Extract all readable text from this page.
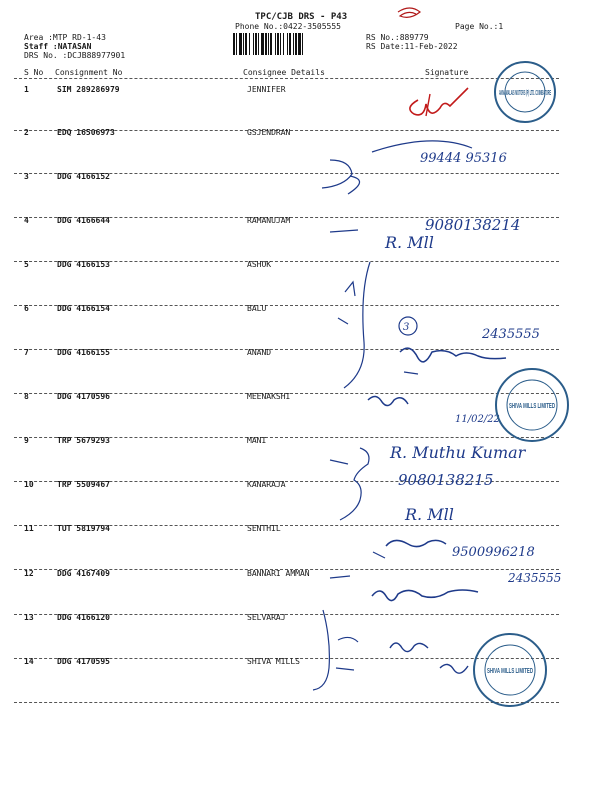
TPC/CJB DRS - P43
Phone No.:0422-3505555	Page No.:1
Area :MTP RD-1-43
Staff :NATASAN
DRS No. :DCJB88977901
RS No.:889779
RS Date:11-Feb-2022
S No Consignment No	Consignee Details	Signature
1	SIM 289286979	JENNIFER
2	EDQ 16506973	GSJENDRAN
3	DDG 4166152
4	DDG 4166644	RAMANUJAM
5	DDG 4166153	ASHOK
6	DDG 4166154	BALU
7	DDG 4166155	ANAND
8	DDG 4170596	MEENAKSHI
9	TRP 5679293	MANI
10	TRP 5509467	KANARAJA
11	TUT 5819794	SENTHIL
12	DDG 4167409	BANNARI AMMAN
13	DDG 4166120	SELVARAJ
14	DDG 4170595	SHIVA MILLS
ANNAMALAIS MOTORS (P) LTD. COIMBATORE
99444 95316
9080138214
R. Mll
3	2435555
11/02/22
SHIVA MILLS LIMITED
R. Muthu Kumar
9080138215
R. Mll
9500996218
2435555
SHIVA MILLS LIMITED
